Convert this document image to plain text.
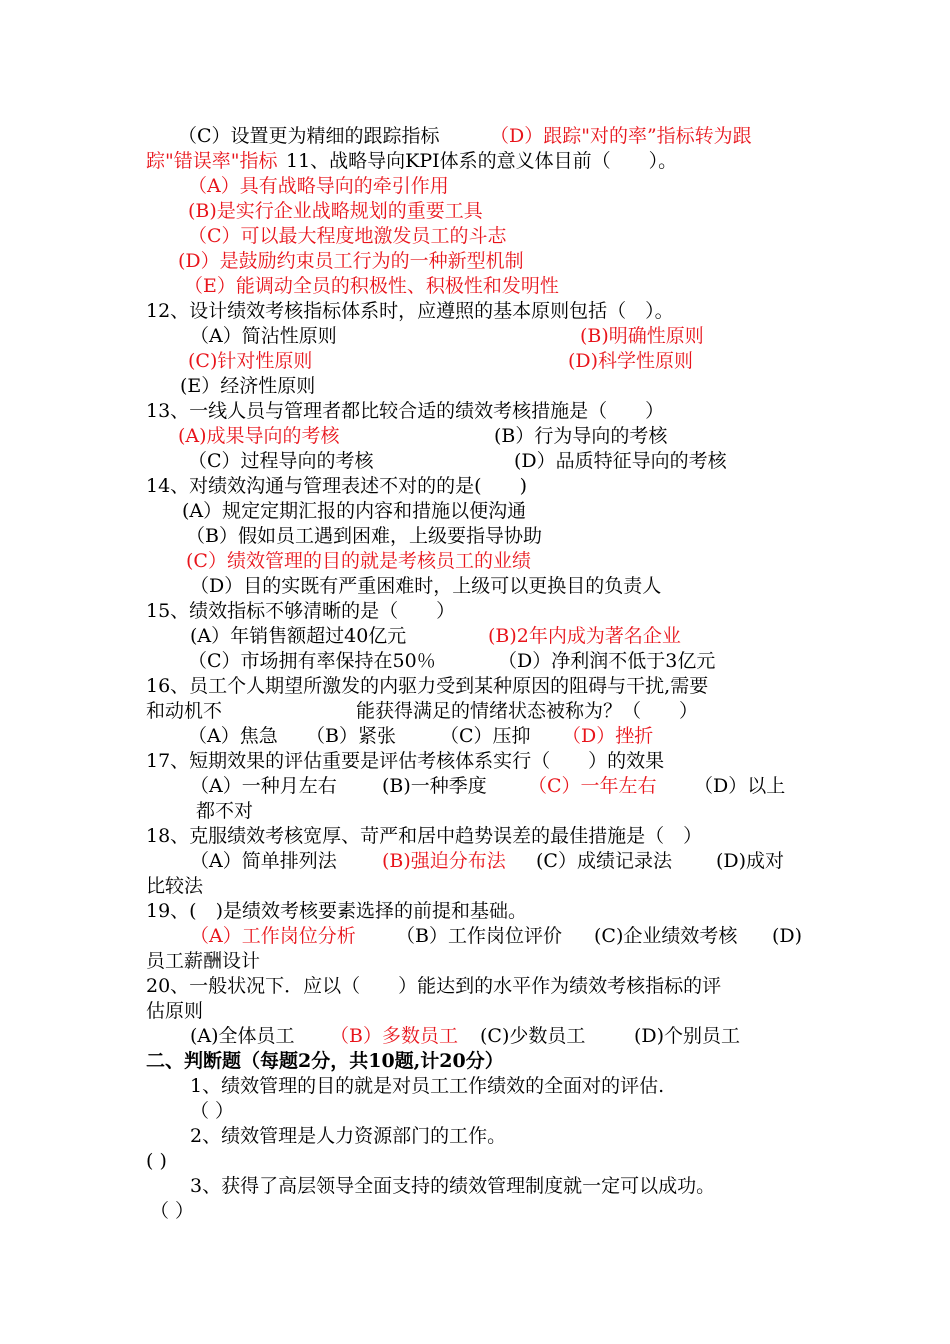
（C）设置更为精细的跟踪指标	（D）跟踪"对的率”指标转为跟
踪"错误率"指标 11、战略导向KPI体系的意义体目前（　　）。
（A）具有战略导向的牵引作用
(B)是实行企业战略规划的重要工具
（C）可以最大程度地激发员工的斗志
(D）是鼓励约束员工行为的一种新型机制
（E）能调动全员的积极性、积极性和发明性
12、设计绩效考核指标体系时，应遵照的基本原则包括（　）。
（A）简沾性原则	(B)明确性原则
(C)针对性原则	(D)科学性原则
(E）经济性原则
13、一线人员与管理者都比较合适的绩效考核措施是（　　）
(A)成果导向的考核	(B）行为导向的考核
（C）过程导向的考核	(D）品质特征导向的考核
14、对绩效沟通与管理表述不对的的是(　　)
(A）规定定期汇报的内容和措施以便沟通
（B）假如员工遇到困难，上级要指导协助
(C）绩效管理的目的就是考核员工的业绩
（D）目的实既有严重困难时，上级可以更换目的负责人
15、绩效指标不够清晰的是（　　）
(A）年销售额超过40亿元	(B)2年内成为著名企业
（C）市场拥有率保持在50％	（D）净利润不低于3亿元
16、员工个人期望所激发的内驱力受到某种原因的阻碍与干扰,需要
和动机不	能获得满足的情绪状态被称为？（　　）
（A）焦急 （B）紧张 （C）压抑 （D）挫折
17、短期效果的评估重要是评估考核体系实行（　　）的效果
（A）一种月左右 (B)一种季度 （C）一年左右 （D）以上
都不对
18、克服绩效考核宽厚、苛严和居中趋势误差的最佳措施是（　）
（A）简单排列法 (B)强迫分布法 (C）成绩记录法 (D)成对
比较法
19、(　)是绩效考核要素选择的前提和基础。
（A）工作岗位分析 （B）工作岗位评价 (C)企业绩效考核 (D)
员工薪酬设计
20、一般状况下．应以（　　）能达到的水平作为绩效考核指标的评
估原则
(A)全体员工 （B）多数员工 (C)少数员工	(D)个别员工
二、判断题（每题2分，共10题,计20分）
1、绩效管理的目的就是对员工工作绩效的全面对的评估.
（ ）
2、绩效管理是人力资源部门的工作。
( )
3、获得了高层领导全面支持的绩效管理制度就一定可以成功。
（ ）
